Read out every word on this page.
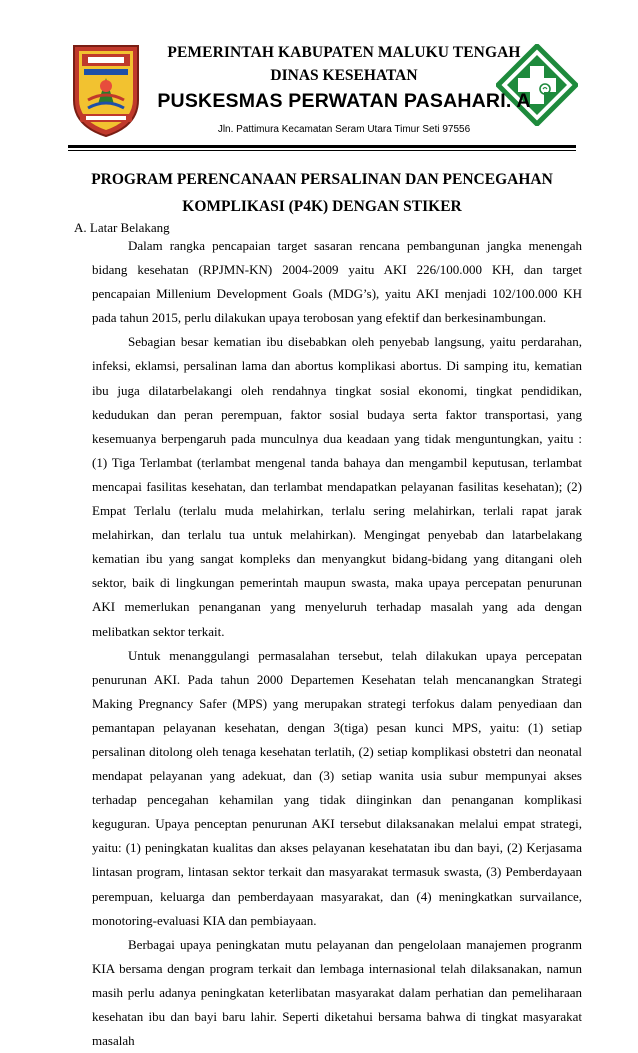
PEMERINTAH KABUPATEN MALUKU TENGAH
DINAS KESEHATAN
PUSKESMAS PERWATAN PASAHARI. A
Jln. Pattimura Kecamatan Seram Utara Timur Seti 97556
PROGRAM PERENCANAAN PERSALINAN DAN PENCEGAHAN
KOMPLIKASI (P4K) DENGAN STIKER
A. Latar Belakang

Dalam rangka pencapaian target sasaran rencana pembangunan jangka menengah bidang kesehatan (RPJMN-KN) 2004-2009 yaitu AKI 226/100.000 KH, dan target pencapaian Millenium Development Goals (MDG’s), yaitu AKI menjadi 102/100.000 KH pada tahun 2015, perlu dilakukan upaya terobosan yang efektif dan berkesinambungan.

Sebagian besar kematian ibu disebabkan oleh penyebab langsung, yaitu perdarahan, infeksi, eklamsi, persalinan lama dan abortus komplikasi abortus. Di samping itu, kematian ibu juga dilatarbelakangi oleh rendahnya tingkat sosial ekonomi, tingkat pendidikan, kedudukan dan peran perempuan, faktor sosial budaya serta faktor transportasi, yang kesemuanya berpengaruh pada munculnya dua keadaan yang tidak menguntungkan, yaitu : (1) Tiga Terlambat (terlambat mengenal tanda bahaya dan mengambil keputusan, terlambat mencapai fasilitas kesehatan, dan terlambat mendapatkan pelayanan fasilitas kesehatan); (2) Empat Terlalu (terlalu muda melahirkan, terlalu sering melahirkan, terlali rapat jarak melahirkan, dan terlalu tua untuk melahirkan). Mengingat penyebab dan latarbelakang kematian ibu yang sangat kompleks dan menyangkut bidang-bidang yang ditangani oleh sektor, baik di lingkungan pemerintah maupun swasta, maka upaya percepatan penurunan AKI memerlukan penanganan yang menyeluruh terhadap masalah yang ada dengan melibatkan sektor terkait.

Untuk menanggulangi permasalahan tersebut, telah dilakukan upaya percepatan penurunan AKI. Pada tahun 2000 Departemen Kesehatan telah mencanangkan Strategi Making Pregnancy Safer (MPS) yang merupakan strategi terfokus dalam penyediaan dan pemantapan pelayanan kesehatan, dengan 3(tiga) pesan kunci MPS, yaitu: (1) setiap persalinan ditolong oleh tenaga kesehatan terlatih, (2) setiap komplikasi obstetri dan neonatal mendapat pelayanan yang adekuat, dan (3) setiap wanita usia subur mempunyai akses terhadap pencegahan kehamilan yang tidak diinginkan dan penanganan komplikasi keguguran. Upaya penceptan penurunan AKI tersebut dilaksanakan melalui empat strategi, yaitu: (1) peningkatan kualitas dan akses pelayanan kesehatatan ibu dan bayi, (2) Kerjasama lintasan program, lintasan sektor terkait dan masyarakat termasuk swasta, (3) Pemberdayaan perempuan, keluarga dan pemberdayaan masyarakat, dan (4) meningkatkan survailance, monotoring-evaluasi KIA dan pembiayaan.

Berbagai upaya peningkatan mutu pelayanan dan pengelolaan manajemen progranm KIA bersama dengan program terkait dan lembaga internasional telah dilaksanakan, namun masih perlu adanya peningkatan keterlibatan masyarakat dalam perhatian dan pemeliharaan kesehatan ibu dan bayi baru lahir. Seperti diketahui bersama bahwa di tingkat masyarakat masalah
